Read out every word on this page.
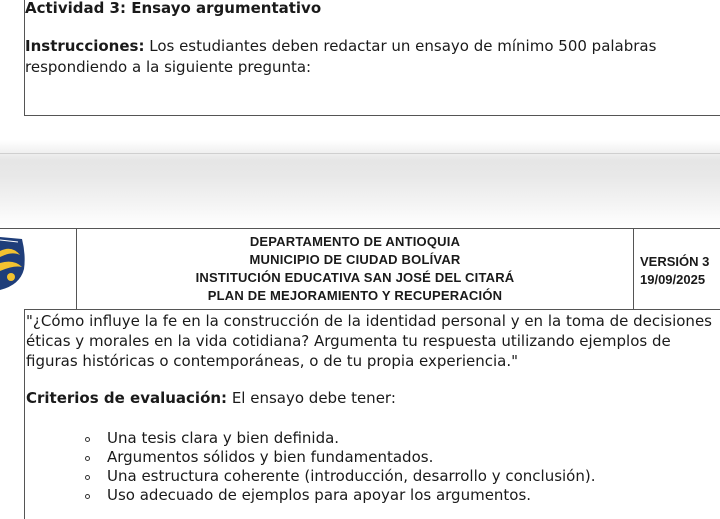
Actividad 3: Ensayo argumentativo
Instrucciones: Los estudiantes deben redactar un ensayo de mínimo 500 palabras respondiendo a la siguiente pregunta:
DEPARTAMENTO DE ANTIOQUIA
MUNICIPIO DE CIUDAD BOLÍVAR
INSTITUCIÓN EDUCATIVA SAN JOSÉ DEL CITARÁ
PLAN DE MEJORAMIENTO Y RECUPERACIÓN
VERSIÓN 3
19/09/2025
"¿Cómo influye la fe en la construcción de la identidad personal y en la toma de decisiones éticas y morales en la vida cotidiana? Argumenta tu respuesta utilizando ejemplos de figuras históricas o contemporáneas, o de tu propia experiencia."
Criterios de evaluación: El ensayo debe tener:
Una tesis clara y bien definida.
Argumentos sólidos y bien fundamentados.
Una estructura coherente (introducción, desarrollo y conclusión).
Uso adecuado de ejemplos para apoyar los argumentos.
